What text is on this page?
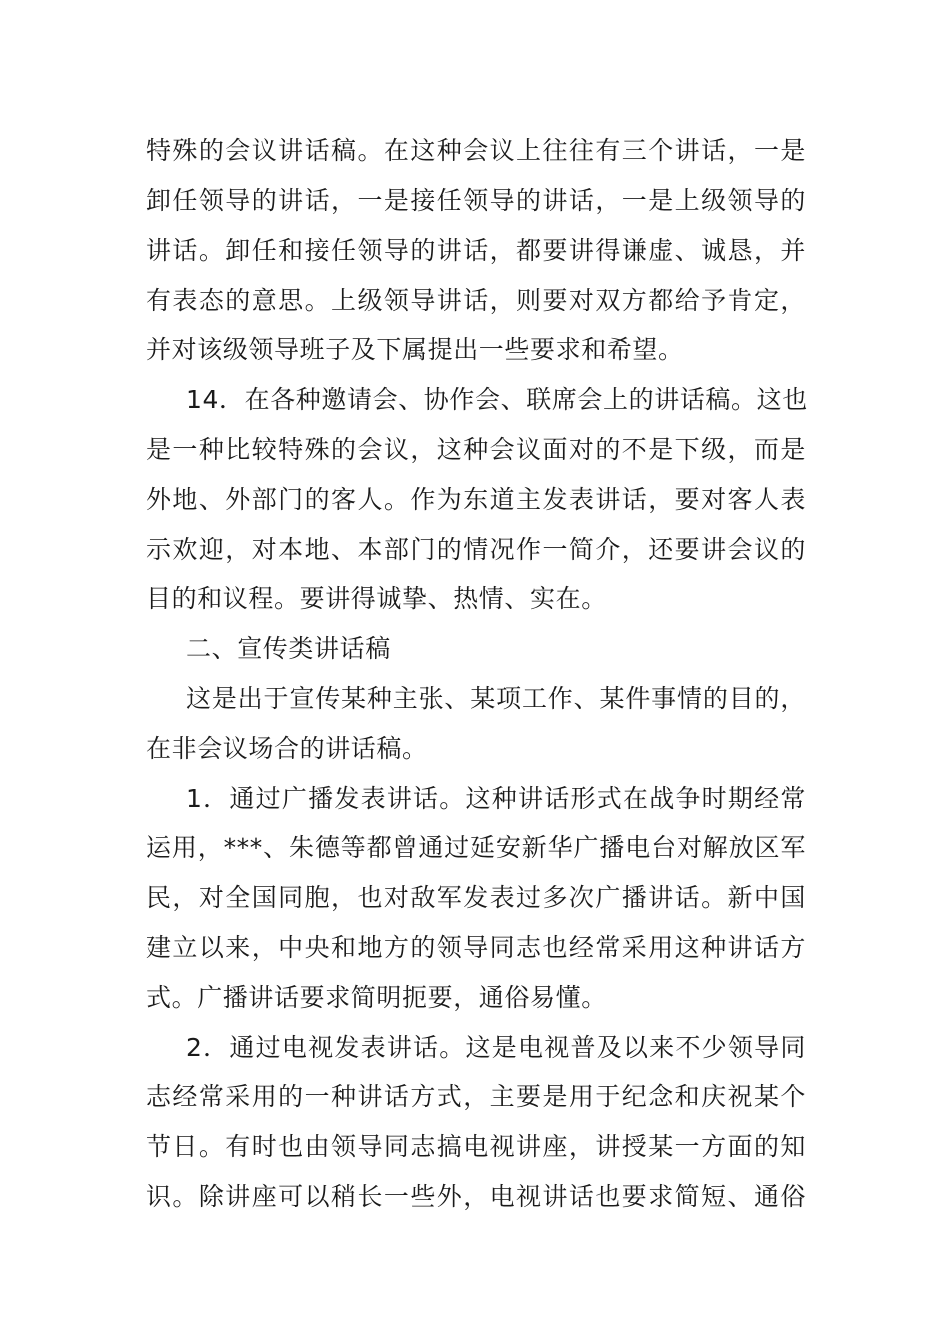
特殊的会议讲话稿。在这种会议上往往有三个讲话，一是
卸任领导的讲话，一是接任领导的讲话，一是上级领导的
讲话。卸任和接任领导的讲话，都要讲得谦虚、诚恳，并
有表态的意思。上级领导讲话，则要对双方都给予肯定，
并对该级领导班子及下属提出一些要求和希望。
14．在各种邀请会、协作会、联席会上的讲话稿。这也
是一种比较特殊的会议，这种会议面对的不是下级，而是
外地、外部门的客人。作为东道主发表讲话，要对客人表
示欢迎，对本地、本部门的情况作一简介，还要讲会议的
目的和议程。要讲得诚挚、热情、实在。
二、宣传类讲话稿
这是出于宣传某种主张、某项工作、某件事情的目的，
在非会议场合的讲话稿。
1．通过广播发表讲话。这种讲话形式在战争时期经常
运用，***、朱德等都曾通过延安新华广播电台对解放区军
民，对全国同胞，也对敌军发表过多次广播讲话。新中国
建立以来，中央和地方的领导同志也经常采用这种讲话方
式。广播讲话要求简明扼要，通俗易懂。
2．通过电视发表讲话。这是电视普及以来不少领导同
志经常采用的一种讲话方式，主要是用于纪念和庆祝某个
节日。有时也由领导同志搞电视讲座，讲授某一方面的知
识。除讲座可以稍长一些外，电视讲话也要求简短、通俗
